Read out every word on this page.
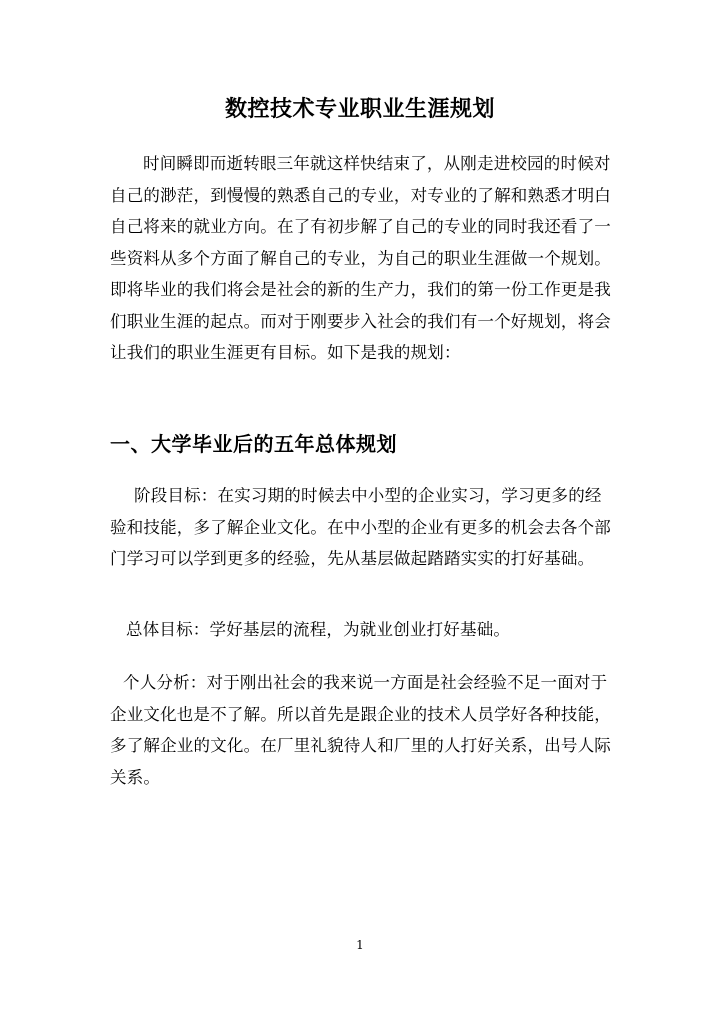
数控技术专业职业生涯规划
时间瞬即而逝转眼三年就这样快结束了，从刚走进校园的时候对
自己的渺茫，到慢慢的熟悉自己的专业，对专业的了解和熟悉才明白
自己将来的就业方向。在了有初步解了自己的专业的同时我还看了一
些资料从多个方面了解自己的专业，为自己的职业生涯做一个规划。
即将毕业的我们将会是社会的新的生产力，我们的第一份工作更是我
们职业生涯的起点。而对于刚要步入社会的我们有一个好规划，将会
让我们的职业生涯更有目标。如下是我的规划：
一、大学毕业后的五年总体规划
阶段目标：在实习期的时候去中小型的企业实习，学习更多的经
验和技能，多了解企业文化。在中小型的企业有更多的机会去各个部
门学习可以学到更多的经验，先从基层做起踏踏实实的打好基础。
总体目标：学好基层的流程，为就业创业打好基础。
个人分析：对于刚出社会的我来说一方面是社会经验不足一面对于
企业文化也是不了解。所以首先是跟企业的技术人员学好各种技能，
多了解企业的文化。在厂里礼貌待人和厂里的人打好关系，出号人际
关系。
1
